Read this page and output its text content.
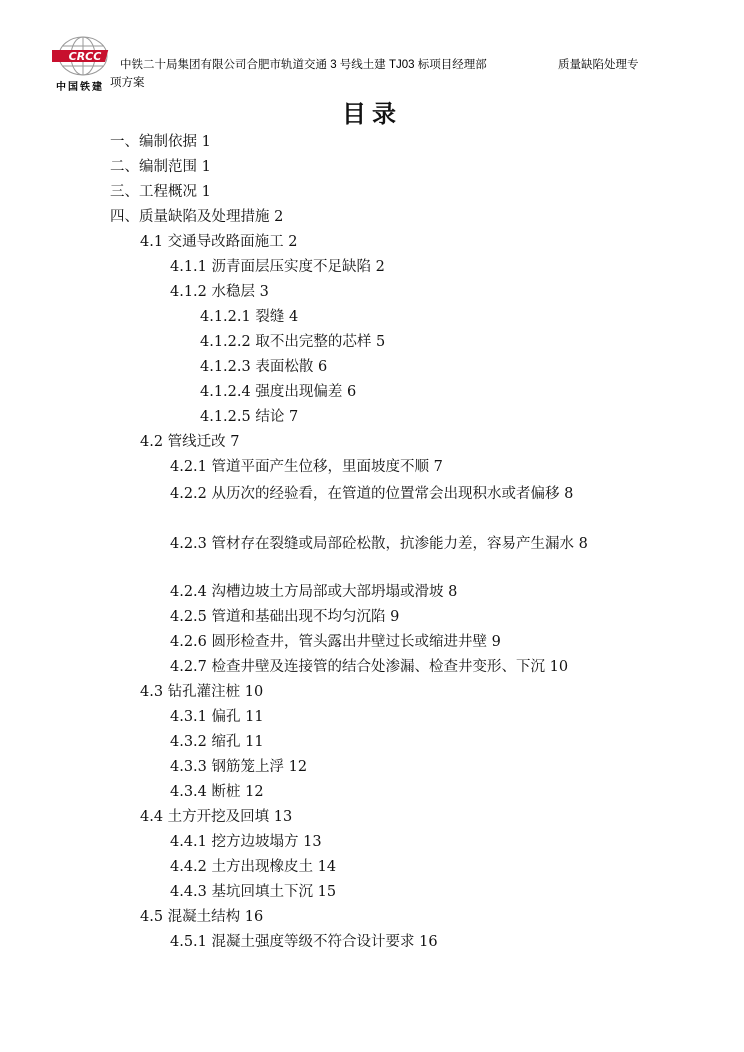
CRCC
中国铁建
中铁二十局集团有限公司合肥市轨道交通 3 号线土建 TJ03 标项目经理部	质量缺陷处理专
项方案
目录
一、编制依据 1
二、编制范围 1
三、工程概况 1
四、质量缺陷及处理措施 2
4.1 交通导改路面施工 2
4.1.1 沥青面层压实度不足缺陷 2
4.1.2 水稳层 3
4.1.2.1 裂缝 4
4.1.2.2 取不出完整的芯样 5
4.1.2.3 表面松散 6
4.1.2.4 强度出现偏差 6
4.1.2.5 结论 7
4.2 管线迁改 7
4.2.1 管道平面产生位移，里面坡度不顺 7
4.2.2 从历次的经验看，在管道的位置常会出现积水或者偏移 8
4.2.3 管材存在裂缝或局部砼松散，抗渗能力差，容易产生漏水 8
4.2.4 沟槽边坡土方局部或大部坍塌或滑坡 8
4.2.5 管道和基础出现不均匀沉陷 9
4.2.6 圆形检查井，管头露出井壁过长或缩进井壁 9
4.2.7 检查井壁及连接管的结合处渗漏、检查井变形、下沉 10
4.3 钻孔灌注桩 10
4.3.1 偏孔 11
4.3.2 缩孔 11
4.3.3 钢筋笼上浮 12
4.3.4 断桩 12
4.4 土方开挖及回填 13
4.4.1 挖方边坡塌方 13
4.4.2 土方出现橡皮土 14
4.4.3 基坑回填土下沉 15
4.5 混凝土结构 16
4.5.1 混凝土强度等级不符合设计要求 16
